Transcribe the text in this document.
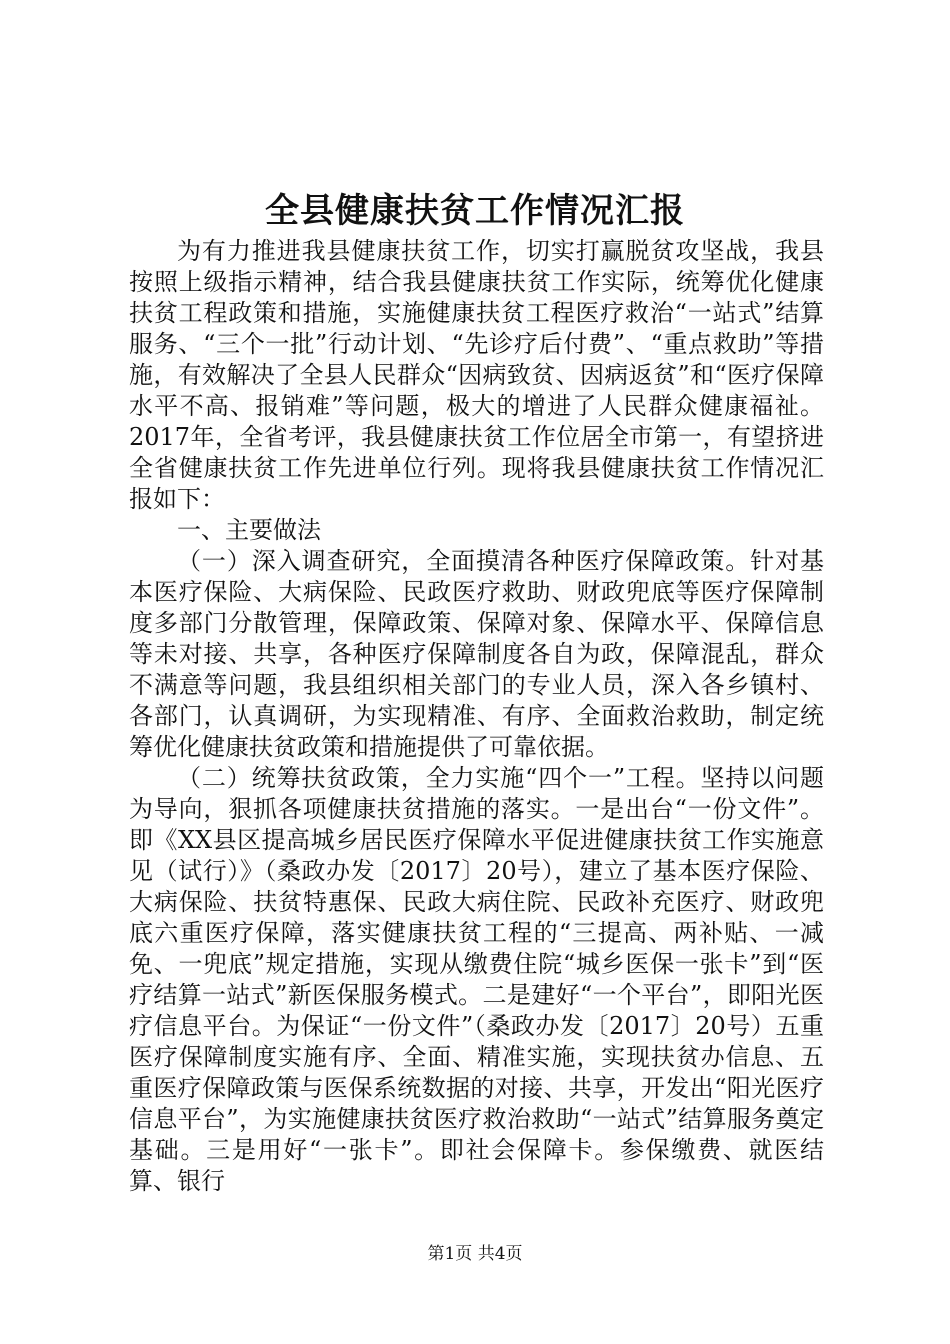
全县健康扶贫工作情况汇报

为有力推进我县健康扶贫工作，切实打赢脱贫攻坚战，我县按照上级指示精神，结合我县健康扶贫工作实际，统筹优化健康扶贫工程政策和措施，实施健康扶贫工程医疗救治“一站式”结算服务、“三个一批”行动计划、“先诊疗后付费”、“重点救助”等措施，有效解决了全县人民群众“因病致贫、因病返贫”和“医疗保障水平不高、报销难”等问题，极大的增进了人民群众健康福祉。2017年，全省考评，我县健康扶贫工作位居全市第一，有望挤进全省健康扶贫工作先进单位行列。现将我县健康扶贫工作情况汇报如下：

一、主要做法

（一）深入调查研究，全面摸清各种医疗保障政策。针对基本医疗保险、大病保险、民政医疗救助、财政兜底等医疗保障制度多部门分散管理，保障政策、保障对象、保障水平、保障信息等未对接、共享，各种医疗保障制度各自为政，保障混乱，群众不满意等问题，我县组织相关部门的专业人员，深入各乡镇村、各部门，认真调研，为实现精准、有序、全面救治救助，制定统筹优化健康扶贫政策和措施提供了可靠依据。

（二）统筹扶贫政策，全力实施“四个一”工程。坚持以问题为导向，狠抓各项健康扶贫措施的落实。一是出台“一份文件”。即《XX县区提高城乡居民医疗保障水平促进健康扶贫工作实施意见（试行）》（桑政办发〔2017〕20号），建立了基本医疗保险、大病保险、扶贫特惠保、民政大病住院、民政补充医疗、财政兜底六重医疗保障，落实健康扶贫工程的“三提高、两补贴、一减免、一兜底”规定措施，实现从缴费住院“城乡医保一张卡”到“医疗结算一站式”新医保服务模式。二是建好“一个平台”，即阳光医疗信息平台。为保证“一份文件”（桑政办发〔2017〕20号）五重医疗保障制度实施有序、全面、精准实施，实现扶贫办信息、五重医疗保障政策与医保系统数据的对接、共享，开发出“阳光医疗信息平台”，为实施健康扶贫医疗救治救助“一站式”结算服务奠定基础。三是用好“一张卡”。即社会保障卡。参保缴费、就医结算、银行

第1页 共4页
